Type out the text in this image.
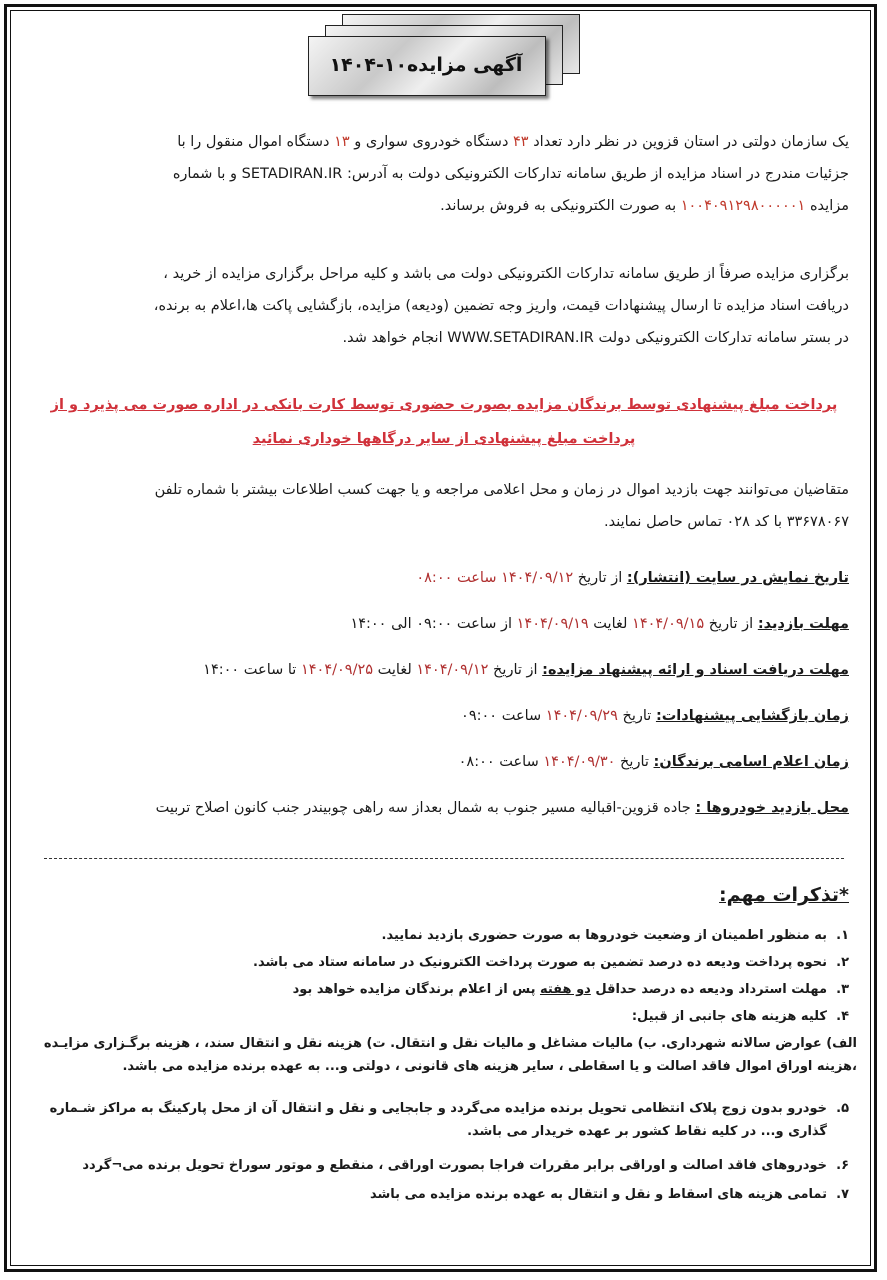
آگهی مزایده۱۰-۱۴۰۴
یک سازمان دولتی در استان قزوین در نظر دارد تعداد ۴۳ دستگاه خودروی سواری و ۱۳ دستگاه اموال منقول را با
جزئیات مندرج در اسناد مزایده از طریق سامانه تدارکات الکترونیکی دولت به آدرس: SETADIRAN.IR و با شماره
مزایده ۱۰۰۴۰۹۱۲۹۸۰۰۰۰۰۱ به صورت الکترونیکی به فروش برساند.
برگزاری مزایده صرفاً از طریق سامانه تدارکات الکترونیکی دولت می باشد و کلیه مراحل برگزاری مزایده از خرید ،
دریافت اسناد مزایده تا ارسال پیشنهادات قیمت، واریز وجه تضمین (ودیعه) مزایده، بازگشایی پاکت ها،اعلام به برنده،
در بستر سامانه تدارکات الکترونیکی دولت WWW.SETADIRAN.IR انجام خواهد شد.
پرداخت مبلغ پیشنهادی توسط برندگان مزایده بصورت حضوری توسط کارت بانکی در اداره صورت می پذیرد و از
پرداخت مبلغ پیشنهادی از سایر درگاهها خوداری نمائید
متقاضیان می‌توانند جهت بازدید اموال در زمان و محل اعلامی مراجعه و یا جهت کسب اطلاعات بیشتر با شماره تلفن
۳۳۶۷۸۰۶۷ با کد ۰۲۸ تماس حاصل نمایند.
تاریخ نمایش در سایت (انتشار): از تاریخ ۱۴۰۴/۰۹/۱۲ ساعت ۰۸:۰۰
مهلت بازدید: از تاریخ ۱۴۰۴/۰۹/۱۵ لغایت ۱۴۰۴/۰۹/۱۹ از ساعت ۰۹:۰۰ الی ۱۴:۰۰
مهلت دریافت اسناد و ارائه پیشنهاد مزایده: از تاریخ ۱۴۰۴/۰۹/۱۲ لغایت ۱۴۰۴/۰۹/۲۵ تا ساعت ۱۴:۰۰
زمان بازگشایی پیشنهادات: تاریخ ۱۴۰۴/۰۹/۲۹ ساعت ۰۹:۰۰
زمان اعلام اسامی برندگان: تاریخ ۱۴۰۴/۰۹/۳۰ ساعت ۰۸:۰۰
محل بازدید خودروها : جاده قزوین-اقبالیه مسیر جنوب به شمال بعداز سه راهی چوبیندر جنب کانون اصلاح تربیت
*تذکرات مهم:
۱.به منظور اطمینان از وضعیت خودروها به صورت حضوری بازدید نمایید.
۲.نحوه پرداخت ودیعه ده درصد تضمین به صورت پرداخت الکترونیک در سامانه ستاد می باشد.
۳.مهلت استرداد ودیعه ده درصد حداقل دو هفته پس از اعلام برندگان مزایده خواهد بود
۴.کلیه هزینه های جانبی از قبیل:
الف) عوارض سالانه شهرداری. ب) مالیات مشاغل و مالیات نقل و انتقال. ت) هزینه نقل و انتقال سند، ، هزینه برگـزاری مزایـده
،هزینه اوراق اموال فاقد اصالت و یا اسقاطی ، سایر هزینه های قانونی ، دولتی و... به عهده برنده مزایده می باشد.
۵.خودرو بدون زوج پلاک انتظامی تحویل برنده مزایده می‌گردد و جابجایی و نقل و انتقال آن از محل پارکینگ به مراکز شـماره
گذاری و... در کلیه نقاط کشور بر عهده خریدار می باشد.
۶.خودروهای فاقد اصالت و اوراقی برابر مقررات فراجا بصورت اوراقی ، منقطع و موتور سوراخ تحویل برنده می¬گردد
۷.تمامی هزینه های اسقاط و نقل و انتقال به عهده برنده مزایده می باشد
